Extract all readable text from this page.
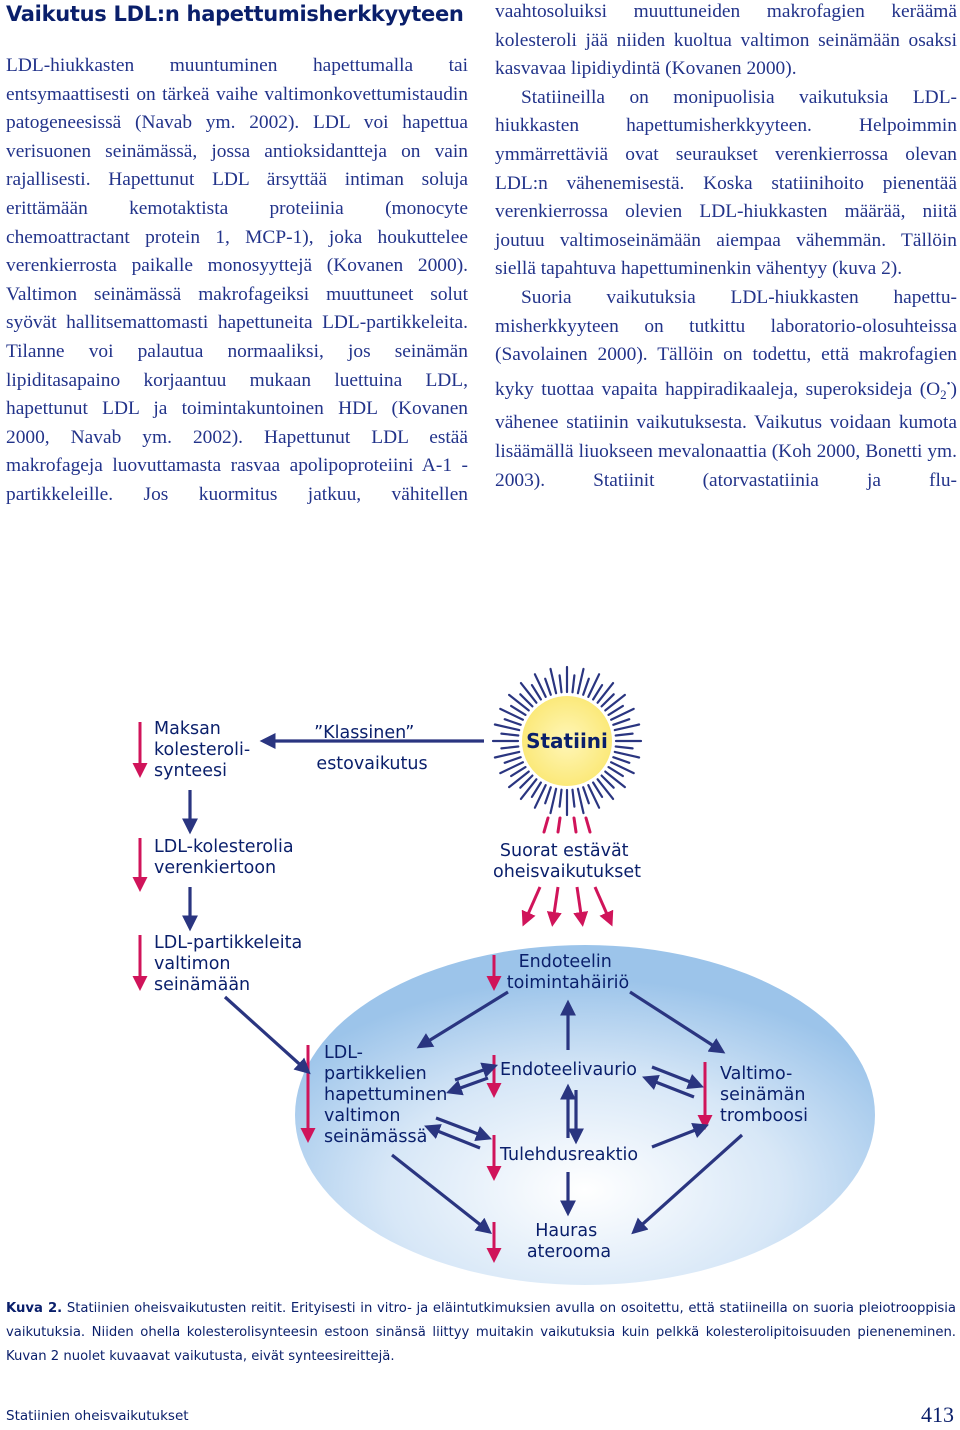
Vaikutus LDL:n hapettumisherkkyyteen

LDL-hiukkasten muuntuminen hapettumalla tai entsymaattisesti on tärkeä vaihe valtimonkovettumistaudin patogeneesissä (Navab ym. 2002). LDL voi hapettua verisuonen seinämässä, jossa antioksidantteja on vain rajallisesti. Hapettunut LDL ärsyttää intiman soluja erittämään kemotaktista proteiinia (monocyte chemoattractant protein 1, MCP-1), joka houkuttelee verenkierrosta paikalle monosyyttejä (Kovanen 2000). Valtimon seinämässä makrofageiksi muuttuneet solut syövät hallitsemattomasti hapettuneita LDL-partikkeleita. Tilanne voi palautua normaaliksi, jos seinämän lipiditasapaino korjaantuu mukaan luettuina LDL, hapettunut LDL ja toimintakuntoinen HDL (Kovanen 2000, Navab ym. 2002). Hapettunut LDL estää makrofageja luovuttamasta rasvaa apolipoproteiini A-1 -partikkeleille. Jos kuormitus jatkuu, vähitellen

vaahtosoluiksi muuttuneiden makrofagien keräämä kolesteroli jää niiden kuoltua valtimon seinämään osaksi kasvavaa lipidiydintä (Kovanen 2000).

Statiineilla on monipuolisia vaikutuksia LDL-hiukkasten hapettumisherkkyyteen. Helpoimmin ymmärrettäviä ovat seuraukset verenkierrossa olevan LDL:n vähenemisestä. Koska statiinihoito pienentää verenkierrossa olevien LDL-hiukkasten määrää, niitä joutuu valtimoseinämään aiempaa vähemmän. Tällöin siellä tapahtuva hapettuminenkin vähentyy (kuva 2).

Suoria vaikutuksia LDL-hiukkasten hapettumisherkkyyteen on tutkittu laboratorio-olosuhteissa (Savolainen 2000). Tällöin on todettu, että makrofagien kyky tuottaa vapaita happiradikaaleja, superoksideja $(O_2^•)$ vähenee statiinin vaikutuksesta. Vaikutus voidaan kumota lisäämällä liuokseen mevalonaattia (Koh 2000, Bonetti ym. 2003). Statiinit (atorvastatiinia ja flu-

Maksan kolesteroli- synteesi
”Klassinen” estovaikutus
Statiini
LDL-kolesterolia verenkiertoon
Suorat estävät oheisvaikutukset
LDL-partikkeleita valtimon seinämään
Endoteelin toimintahäiriö
LDL- partikkelien hapettuminen valtimon seinämässä
Endoteelivaurio	Valtimo- seinämän tromboosi
Tulehdusreaktio
Hauras aterooma
Kuva 2. Statiinien oheisvaikutusten reitit. Erityisesti in vitro- ja eläintutkimuksien avulla on osoitettu, että statiineilla on suoria pleiotrooppisia vaikutuksia. Niiden ohella kolesterolisynteesin estoon sinänsä liittyy muitakin vaikutuksia kuin pelkkä kolesterolipitoisuuden pieneneminen. Kuvan 2 nuolet kuvaavat vaikutusta, eivät synteesireittejä.
Statiinien oheisvaikutukset	413
